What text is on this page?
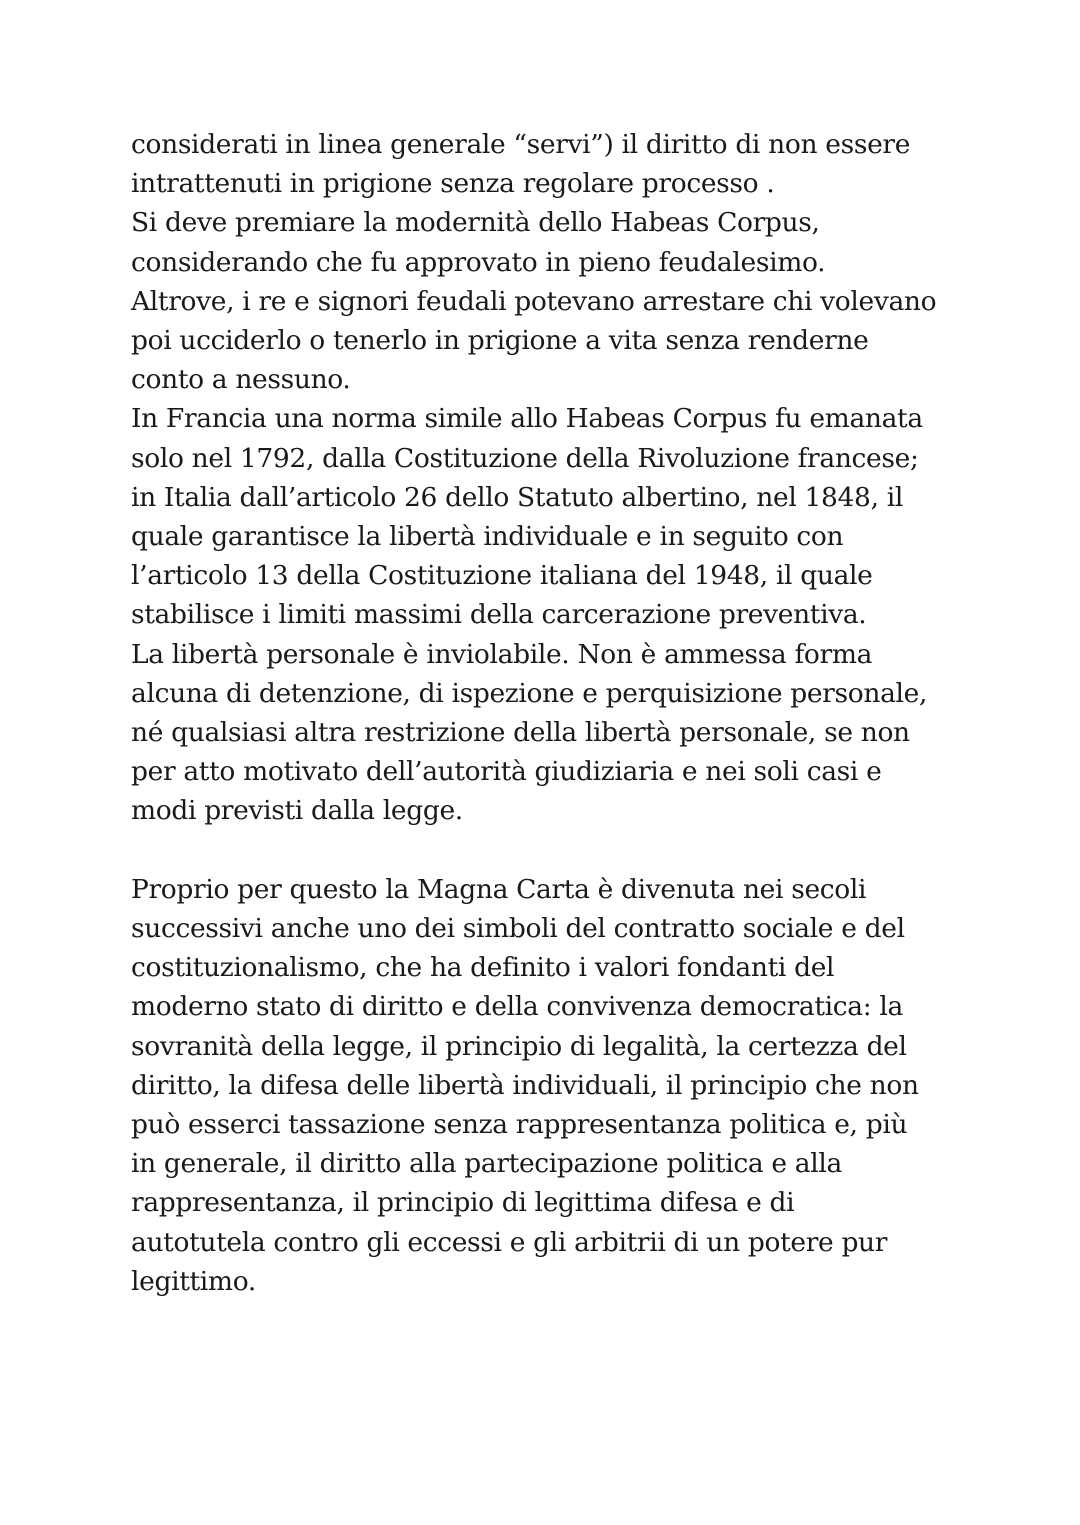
considerati in linea generale “servi”) il diritto di non essere
intrattenuti in prigione senza regolare processo .
Si deve premiare la modernità dello Habeas Corpus,
considerando che fu approvato in pieno feudalesimo.
Altrove, i re e signori feudali potevano arrestare chi volevano
poi ucciderlo o tenerlo in prigione a vita senza renderne
conto a nessuno.
In Francia una norma simile allo Habeas Corpus fu emanata
solo nel 1792, dalla Costituzione della Rivoluzione francese;
in Italia dall’articolo 26 dello Statuto albertino, nel 1848, il
quale garantisce la libertà individuale e in seguito con
l’articolo 13 della Costituzione italiana del 1948, il quale
stabilisce i limiti massimi della carcerazione preventiva.
La libertà personale è inviolabile. Non è ammessa forma
alcuna di detenzione, di ispezione e perquisizione personale,
né qualsiasi altra restrizione della libertà personale, se non
per atto motivato dell’autorità giudiziaria e nei soli casi e
modi previsti dalla legge.

Proprio per questo la Magna Carta è divenuta nei secoli
successivi anche uno dei simboli del contratto sociale e del
costituzionalismo, che ha definito i valori fondanti del
moderno stato di diritto e della convivenza democratica: la
sovranità della legge, il principio di legalità, la certezza del
diritto, la difesa delle libertà individuali, il principio che non
può esserci tassazione senza rappresentanza politica e, più
in generale, il diritto alla partecipazione politica e alla
rappresentanza, il principio di legittima difesa e di
autotutela contro gli eccessi e gli arbitrii di un potere pur
legittimo.
